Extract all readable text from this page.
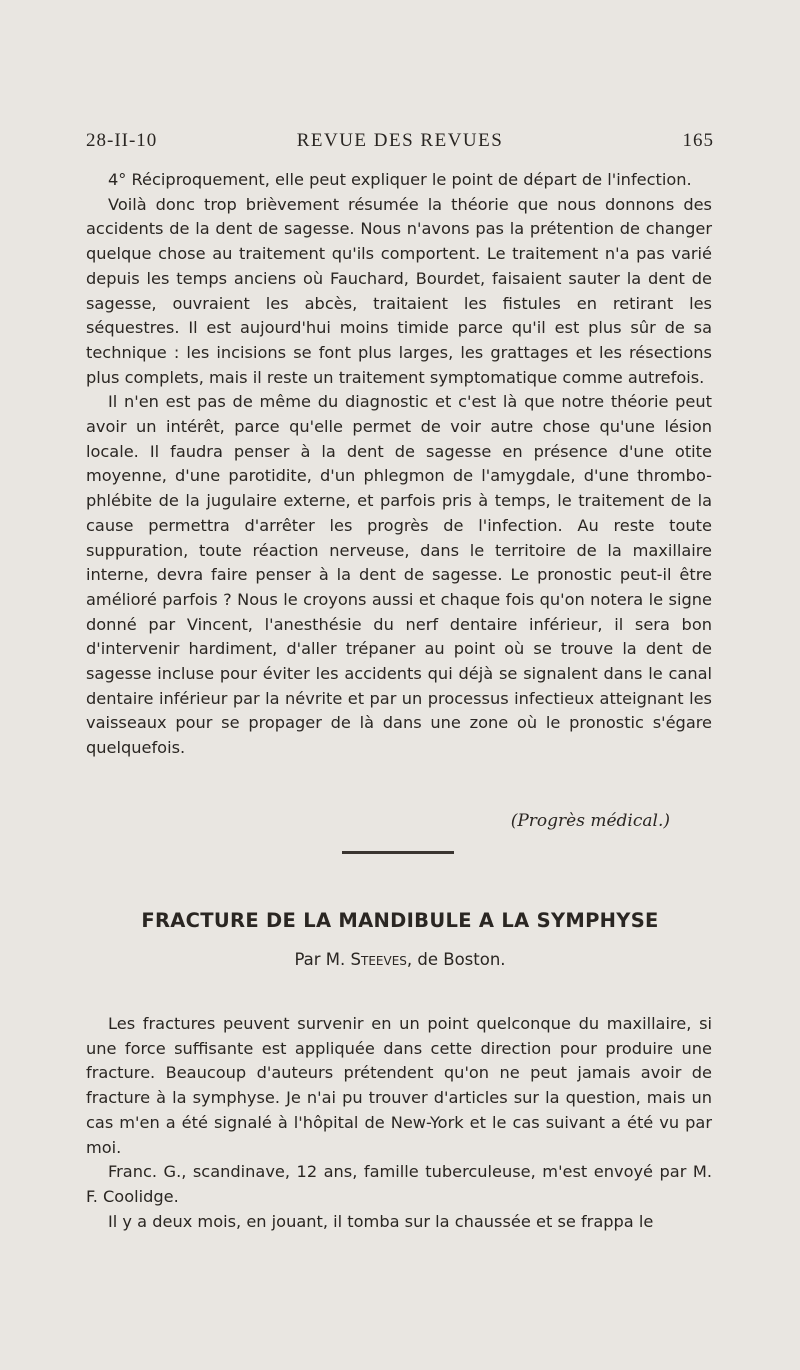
28-II-10	REVUE DES REVUES	165

4° Réciproquement, elle peut expliquer le point de départ de l'infection.

Voilà donc trop brièvement résumée la théorie que nous donnons des accidents de la dent de sagesse. Nous n'avons pas la prétention de changer quelque chose au traitement qu'ils comportent. Le traitement n'a pas varié depuis les temps anciens où Fauchard, Bourdet, faisaient sauter la dent de sagesse, ouvraient les abcès, traitaient les fistules en retirant les séquestres. Il est aujourd'hui moins timide parce qu'il est plus sûr de sa technique : les incisions se font plus larges, les grattages et les résections plus complets, mais il reste un traitement symptomatique comme autrefois.

Il n'en est pas de même du diagnostic et c'est là que notre théorie peut avoir un intérêt, parce qu'elle permet de voir autre chose qu'une lésion locale. Il faudra penser à la dent de sagesse en présence d'une otite moyenne, d'une parotidite, d'un phlegmon de l'amygdale, d'une thrombo-phlébite de la jugulaire externe, et parfois pris à temps, le traitement de la cause permettra d'arrêter les progrès de l'infection. Au reste toute suppuration, toute réaction nerveuse, dans le territoire de la maxillaire interne, devra faire penser à la dent de sagesse. Le pronostic peut-il être amélioré parfois ? Nous le croyons aussi et chaque fois qu'on notera le signe donné par Vincent, l'anesthésie du nerf dentaire inférieur, il sera bon d'intervenir hardiment, d'aller trépaner au point où se trouve la dent de sagesse incluse pour éviter les accidents qui déjà se signalent dans le canal dentaire inférieur par la névrite et par un processus infectieux atteignant les vaisseaux pour se propager de là dans une zone où le pronostic s'égare quelquefois.

(Progrès médical.)
FRACTURE DE LA MANDIBULE A LA SYMPHYSE
Par M. Steeves, de Boston.

Les fractures peuvent survenir en un point quelconque du maxillaire, si une force suffisante est appliquée dans cette direction pour produire une fracture. Beaucoup d'auteurs prétendent qu'on ne peut jamais avoir de fracture à la symphyse. Je n'ai pu trouver d'articles sur la question, mais un cas m'en a été signalé à l'hôpital de New-York et le cas suivant a été vu par moi.

Franc. G., scandinave, 12 ans, famille tuberculeuse, m'est envoyé par M. F. Coolidge.

Il y a deux mois, en jouant, il tomba sur la chaussée et se frappa le
